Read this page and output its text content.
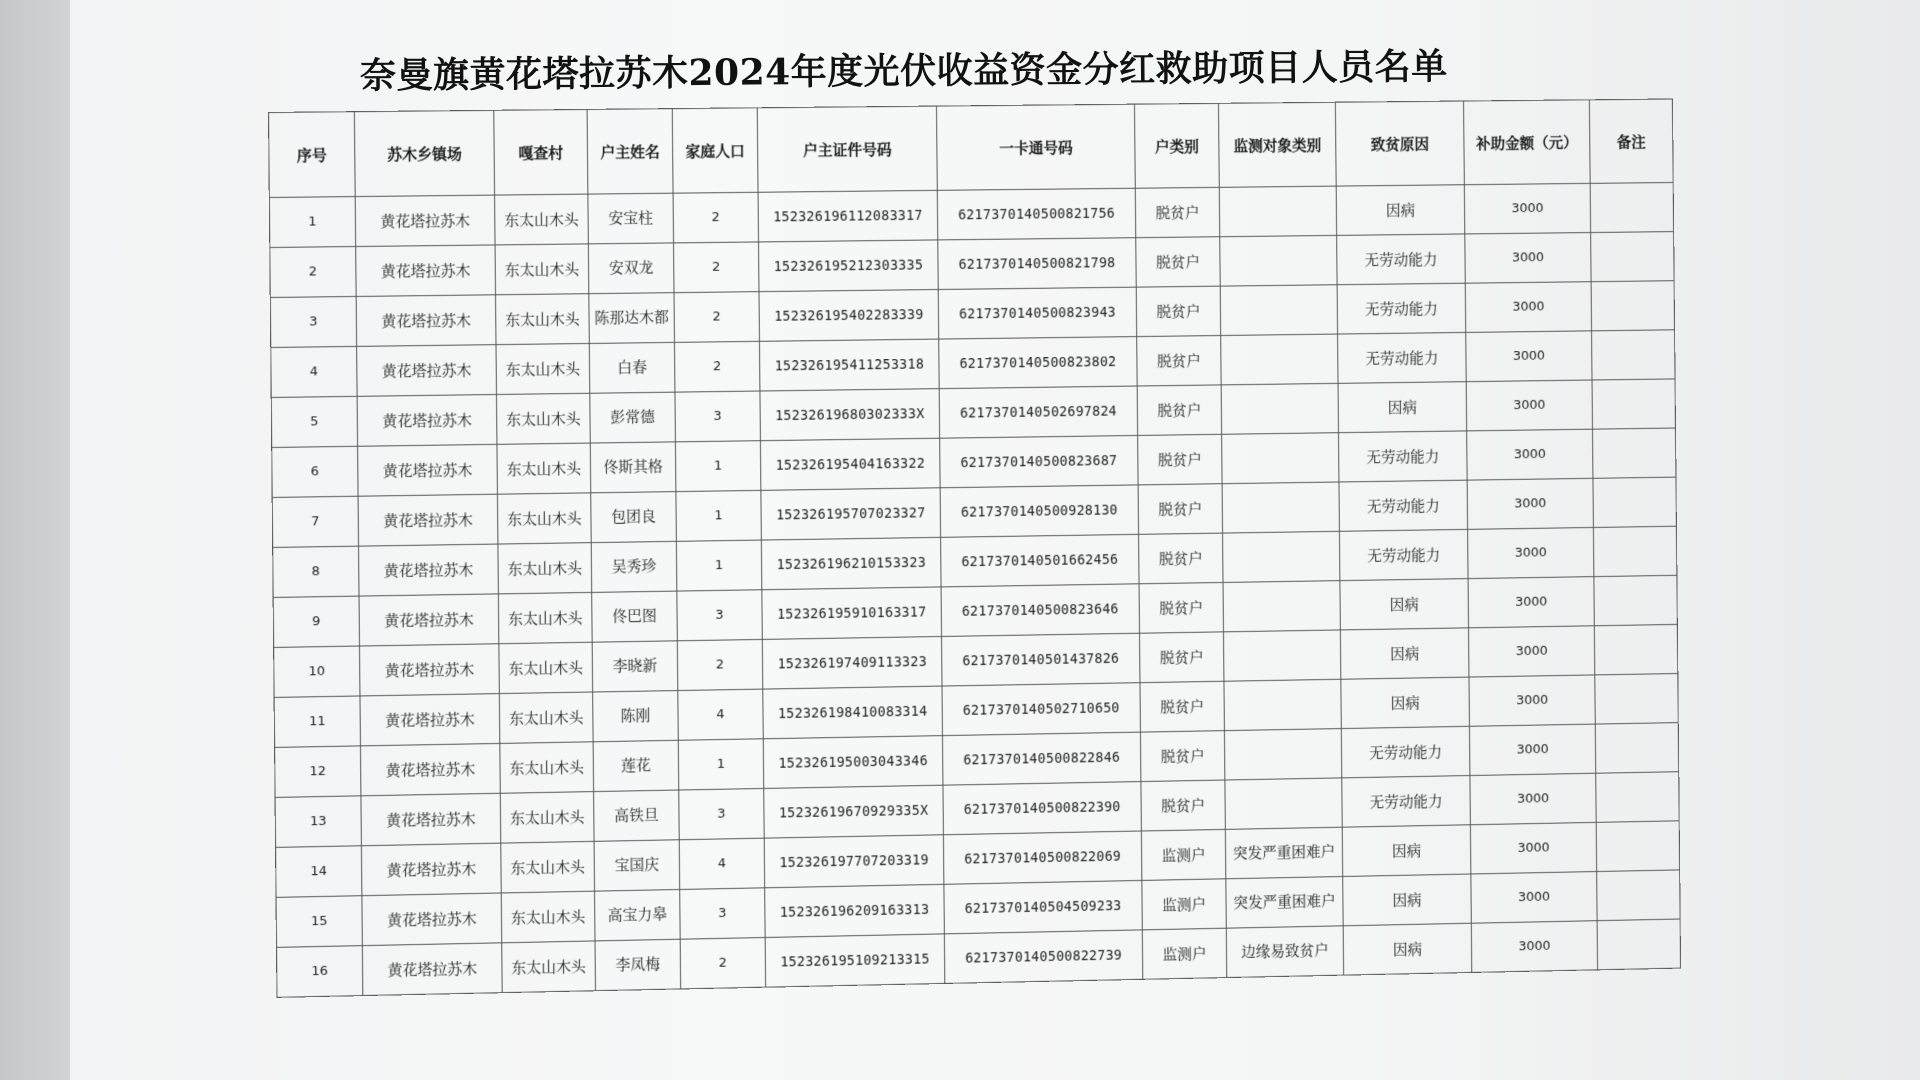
奈曼旗黄花塔拉苏木2024年度光伏收益资金分红救助项目人员名单
序号	苏木乡镇场	嘎查村	户主姓名	家庭人口	户主证件号码	一卡通号码	户类别	监测对象类别	致贫原因	补助金额（元）	备注
1	黄花塔拉苏木	东太山木头	安宝柱	2	152326196112083317	6217370140500821756	脱贫户		因病	3000	
2	黄花塔拉苏木	东太山木头	安双龙	2	152326195212303335	6217370140500821798	脱贫户		无劳动能力	3000	
3	黄花塔拉苏木	东太山木头	陈那达木都	2	152326195402283339	6217370140500823943	脱贫户		无劳动能力	3000	
4	黄花塔拉苏木	东太山木头	白春	2	152326195411253318	6217370140500823802	脱贫户		无劳动能力	3000	
5	黄花塔拉苏木	东太山木头	彭常德	3	15232619680302333X	6217370140502697824	脱贫户		因病	3000	
6	黄花塔拉苏木	东太山木头	佟斯其格	1	152326195404163322	6217370140500823687	脱贫户		无劳动能力	3000	
7	黄花塔拉苏木	东太山木头	包团良	1	152326195707023327	6217370140500928130	脱贫户		无劳动能力	3000	
8	黄花塔拉苏木	东太山木头	吴秀珍	1	152326196210153323	6217370140501662456	脱贫户		无劳动能力	3000	
9	黄花塔拉苏木	东太山木头	佟巴图	3	152326195910163317	6217370140500823646	脱贫户		因病	3000	
10	黄花塔拉苏木	东太山木头	李晓新	2	152326197409113323	6217370140501437826	脱贫户		因病	3000	
11	黄花塔拉苏木	东太山木头	陈刚	4	152326198410083314	6217370140502710650	脱贫户		因病	3000	
12	黄花塔拉苏木	东太山木头	莲花	1	152326195003043346	6217370140500822846	脱贫户		无劳动能力	3000	
13	黄花塔拉苏木	东太山木头	高铁旦	3	15232619670929335X	6217370140500822390	脱贫户		无劳动能力	3000	
14	黄花塔拉苏木	东太山木头	宝国庆	4	152326197707203319	6217370140500822069	监测户	突发严重困难户	因病	3000	
15	黄花塔拉苏木	东太山木头	高宝力皋	3	152326196209163313	6217370140504509233	监测户	突发严重困难户	因病	3000	
16	黄花塔拉苏木	东太山木头	李凤梅	2	152326195109213315	6217370140500822739	监测户	边缘易致贫户	因病	3000	
